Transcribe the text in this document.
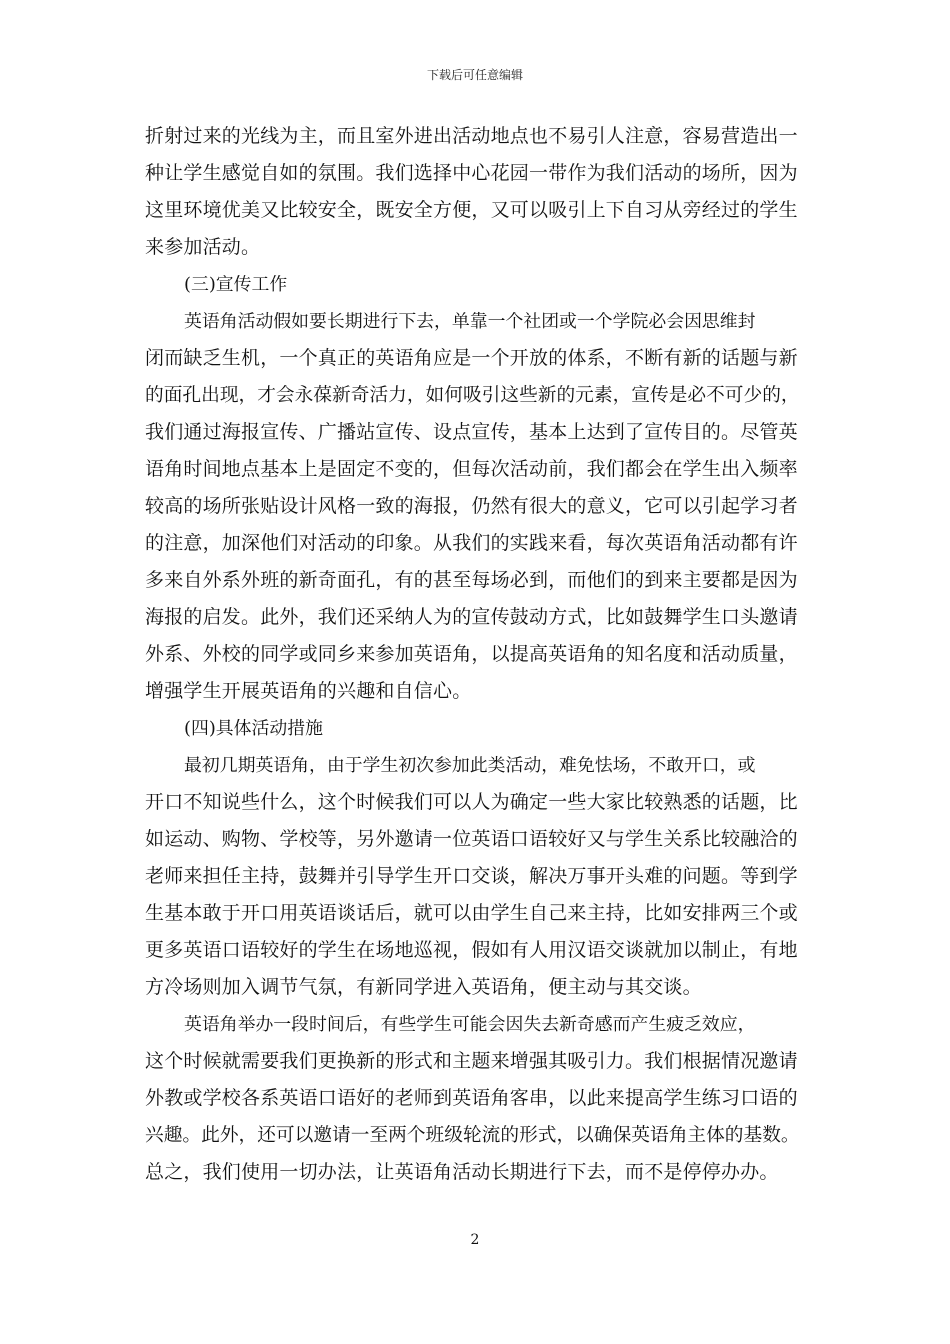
下载后可任意编辑

折射过来的光线为主，而且室外进出活动地点也不易引人注意，容易营造出一
种让学生感觉自如的氛围。我们选择中心花园一带作为我们活动的场所，因为
这里环境优美又比较安全，既安全方便，又可以吸引上下自习从旁经过的学生
来参加活动。

(三)宣传工作

英语角活动假如要长期进行下去，单靠一个社团或一个学院必会因思维封
闭而缺乏生机，一个真正的英语角应是一个开放的体系，不断有新的话题与新
的面孔出现，才会永葆新奇活力，如何吸引这些新的元素，宣传是必不可少的，
我们通过海报宣传、广播站宣传、设点宣传，基本上达到了宣传目的。尽管英
语角时间地点基本上是固定不变的，但每次活动前，我们都会在学生出入频率
较高的场所张贴设计风格一致的海报，仍然有很大的意义，它可以引起学习者
的注意，加深他们对活动的印象。从我们的实践来看，每次英语角活动都有许
多来自外系外班的新奇面孔，有的甚至每场必到，而他们的到来主要都是因为
海报的启发。此外，我们还采纳人为的宣传鼓动方式，比如鼓舞学生口头邀请
外系、外校的同学或同乡来参加英语角，以提高英语角的知名度和活动质量，
增强学生开展英语角的兴趣和自信心。

(四)具体活动措施

最初几期英语角，由于学生初次参加此类活动，难免怯场，不敢开口，或
开口不知说些什么，这个时候我们可以人为确定一些大家比较熟悉的话题，比
如运动、购物、学校等，另外邀请一位英语口语较好又与学生关系比较融洽的
老师来担任主持，鼓舞并引导学生开口交谈，解决万事开头难的问题。等到学
生基本敢于开口用英语谈话后，就可以由学生自己来主持，比如安排两三个或
更多英语口语较好的学生在场地巡视，假如有人用汉语交谈就加以制止，有地
方冷场则加入调节气氛，有新同学进入英语角，便主动与其交谈。

英语角举办一段时间后，有些学生可能会因失去新奇感而产生疲乏效应，
这个时候就需要我们更换新的形式和主题来增强其吸引力。我们根据情况邀请
外教或学校各系英语口语好的老师到英语角客串，以此来提高学生练习口语的
兴趣。此外，还可以邀请一至两个班级轮流的形式，以确保英语角主体的基数。
总之，我们使用一切办法，让英语角活动长期进行下去，而不是停停办办。

2
